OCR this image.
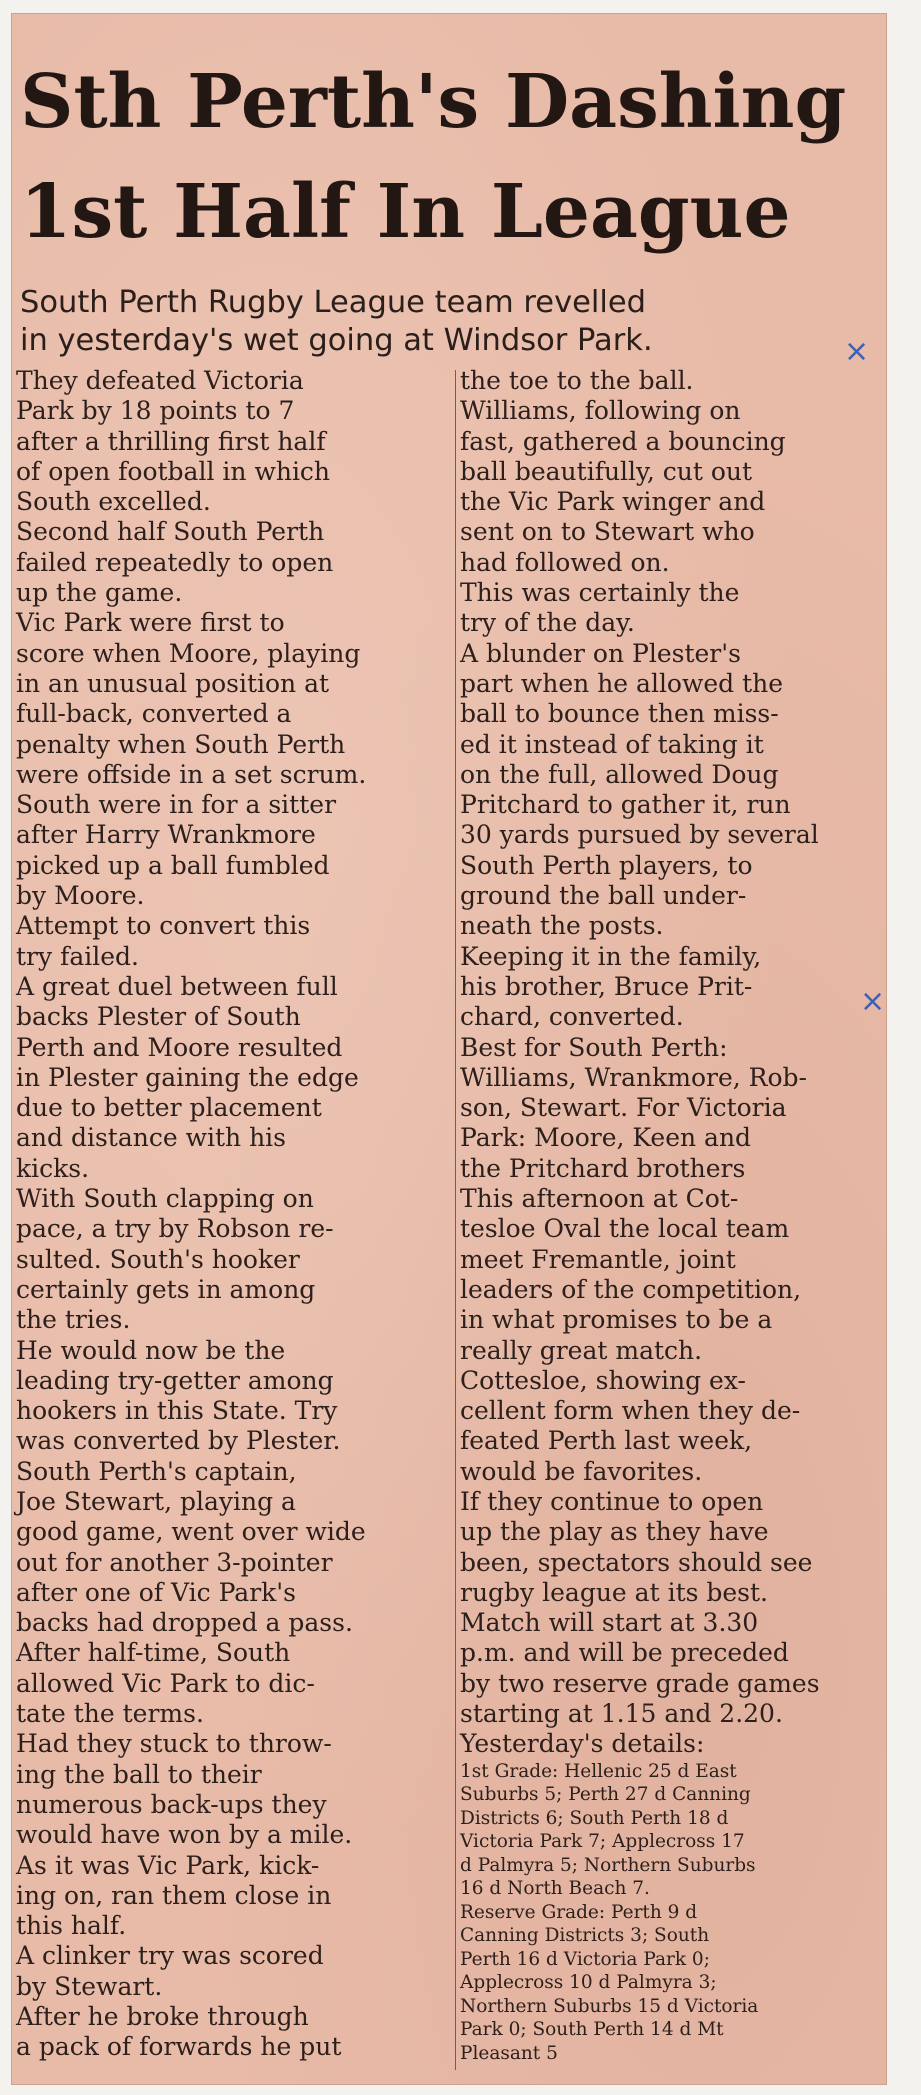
Sth Perth's Dashing
1st Half In League
South Perth Rugby League team revelled
in yesterday's wet going at Windsor Park.
They defeated Victoria
Park by 18 points to 7
after a thrilling first half
of open football in which
South excelled.
Second half South Perth
failed repeatedly to open
up the game.
Vic Park were first to
score when Moore, playing
in an unusual position at
full-back, converted a
penalty when South Perth
were offside in a set scrum.
South were in for a sitter
after Harry Wrankmore
picked up a ball fumbled
by Moore.
Attempt to convert this
try failed.
A great duel between full
backs Plester of South
Perth and Moore resulted
in Plester gaining the edge
due to better placement
and distance with his
kicks.
With South clapping on
pace, a try by Robson re-
sulted. South's hooker
certainly gets in among
the tries.
He would now be the
leading try-getter among
hookers in this State. Try
was converted by Plester.
South Perth's captain,
Joe Stewart, playing a
good game, went over wide
out for another 3-pointer
after one of Vic Park's
backs had dropped a pass.
After half-time, South
allowed Vic Park to dic-
tate the terms.
Had they stuck to throw-
ing the ball to their
numerous back-ups they
would have won by a mile.
As it was Vic Park, kick-
ing on, ran them close in
this half.
A clinker try was scored
by Stewart.
After he broke through
a pack of forwards he put
the toe to the ball.
Williams, following on
fast, gathered a bouncing
ball beautifully, cut out
the Vic Park winger and
sent on to Stewart who
had followed on.
This was certainly the
try of the day.
A blunder on Plester's
part when he allowed the
ball to bounce then miss-
ed it instead of taking it
on the full, allowed Doug
Pritchard to gather it, run
30 yards pursued by several
South Perth players, to
ground the ball under-
neath the posts.
Keeping it in the family,
his brother, Bruce Prit-
chard, converted.
Best for South Perth:
Williams, Wrankmore, Rob-
son, Stewart. For Victoria
Park: Moore, Keen and
the Pritchard brothers
This afternoon at Cot-
tesloe Oval the local team
meet Fremantle, joint
leaders of the competition,
in what promises to be a
really great match.
Cottesloe, showing ex-
cellent form when they de-
feated Perth last week,
would be favorites.
If they continue to open
up the play as they have
been, spectators should see
rugby league at its best.
Match will start at 3.30
p.m. and will be preceded
by two reserve grade games
starting at 1.15 and 2.20.
Yesterday's details:
1st Grade: Hellenic 25 d East
Suburbs 5; Perth 27 d Canning
Districts 6; South Perth 18 d
Victoria Park 7; Applecross 17
d Palmyra 5; Northern Suburbs
16 d North Beach 7.
Reserve Grade: Perth 9 d
Canning Districts 3; South
Perth 16 d Victoria Park 0;
Applecross 10 d Palmyra 3;
Northern Suburbs 15 d Victoria
Park 0; South Perth 14 d Mt
Pleasant 5
×
×
